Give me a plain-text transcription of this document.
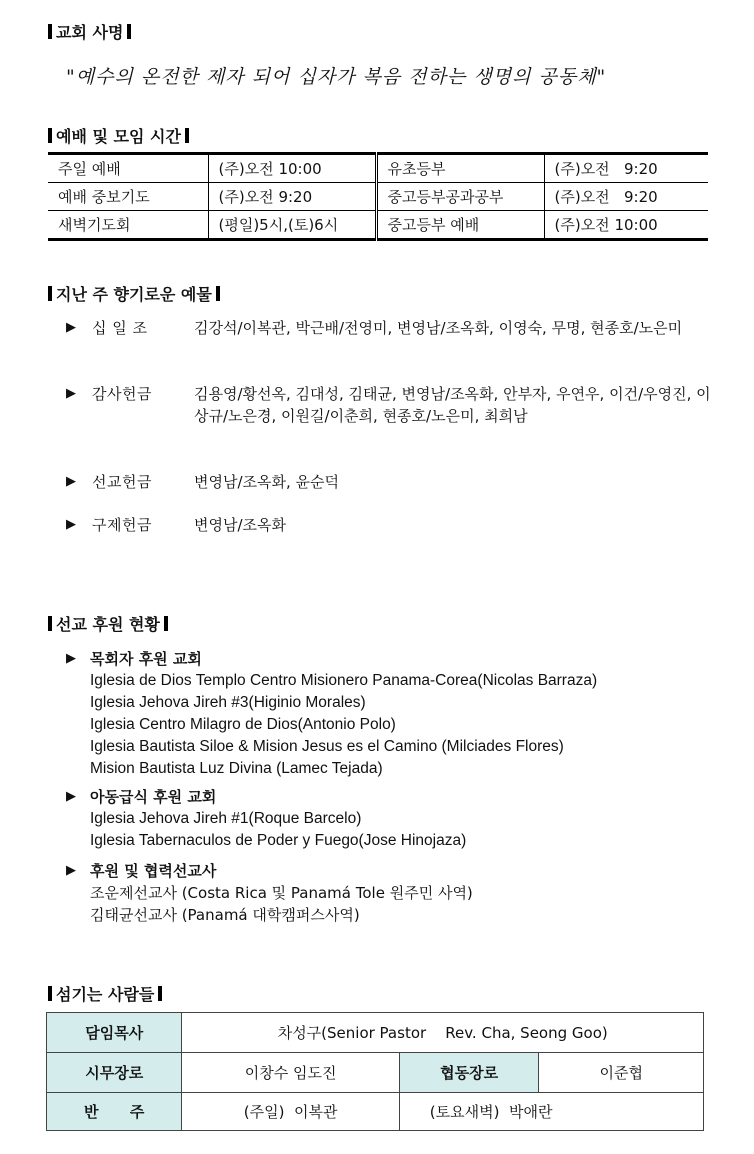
교회 사명
"예수의 온전한 제자 되어 십자가 복음 전하는 생명의 공동체"
예배 및 모임 시간
주일 예배	(주)오전 10:00	유초등부	(주)오전   9:20
예배 중보기도	(주)오전 9:20	중고등부공과공부	(주)오전   9:20
새벽기도회	(평일)5시,(토)6시	중고등부 예배	(주)오전 10:00
지난 주 향기로운 예물
▶ 십 일 조	김강석/이복관, 박근배/전영미, 변영남/조옥화, 이영숙, 무명, 현종호/노은미
▶ 감사헌금	김용영/황선옥, 김대성, 김태균, 변영남/조옥화, 안부자, 우연우, 이건/우영진, 이상규/노은경, 이원길/이춘희, 현종호/노은미, 최희남
▶ 선교헌금	변영남/조옥화, 윤순덕
▶ 구제헌금	변영남/조옥화
선교 후원 현황
▶ 목회자 후원 교회
Iglesia de Dios Templo Centro Misionero Panama-Corea(Nicolas Barraza)
Iglesia Jehova Jireh #3(Higinio Morales)
Iglesia Centro Milagro de Dios(Antonio Polo)
Iglesia Bautista Siloe & Mision Jesus es el Camino (Milciades Flores)
Mision Bautista Luz Divina (Lamec Tejada)
▶ 아동급식 후원 교회
Iglesia Jehova Jireh #1(Roque Barcelo)
Iglesia Tabernaculos de Poder y Fuego(Jose Hinojaza)
▶ 후원 및 협력선교사
조운제선교사 (Costa Rica 및 Panamá Tole 원주민 사역)
김태균선교사 (Panamá 대학캠퍼스사역)
섬기는 사람들
담임목사	차성구(Senior Pastor    Rev. Cha, Seong Goo)		
시무장로	이창수 임도진	협동장로	이준협
반      주	(주일)  이복관	(토요새벽)  박애란	
